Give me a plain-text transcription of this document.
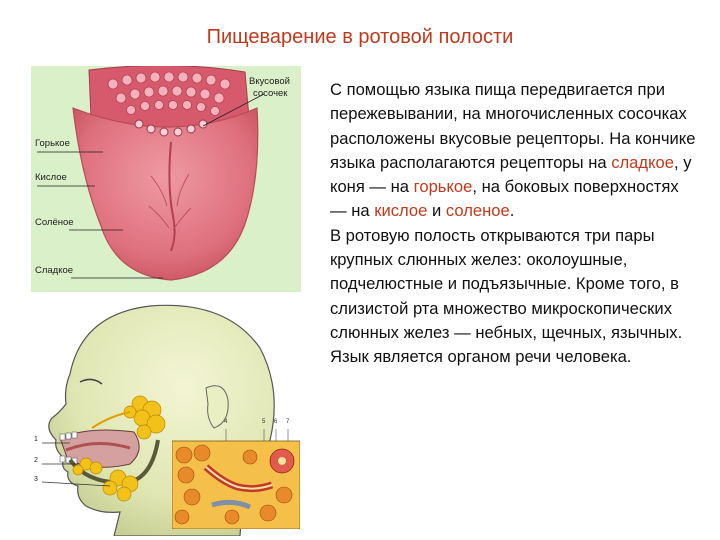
Пищеварение в ротовой полости

С помощью языка пища передвигается при пережевывании, на многочисленных сосочках расположены вкусовые рецепторы. На кончике языка располагаются рецепторы на сладкое, у коня — на горькое, на боковых поверхностях — на кислое и соленое.

В ротовую полость открываются три пары крупных слюнных желез: околоушные, подчелюстные и подъязычные. Кроме того, в слизистой рта множество микроскопических слюнных желез — небных, щечных, язычных. Язык является органом речи человека.

Вкусовой
сосочек
Горькое
Кислое
Солёное
Сладкое
1
2
3
4	5 6 7
